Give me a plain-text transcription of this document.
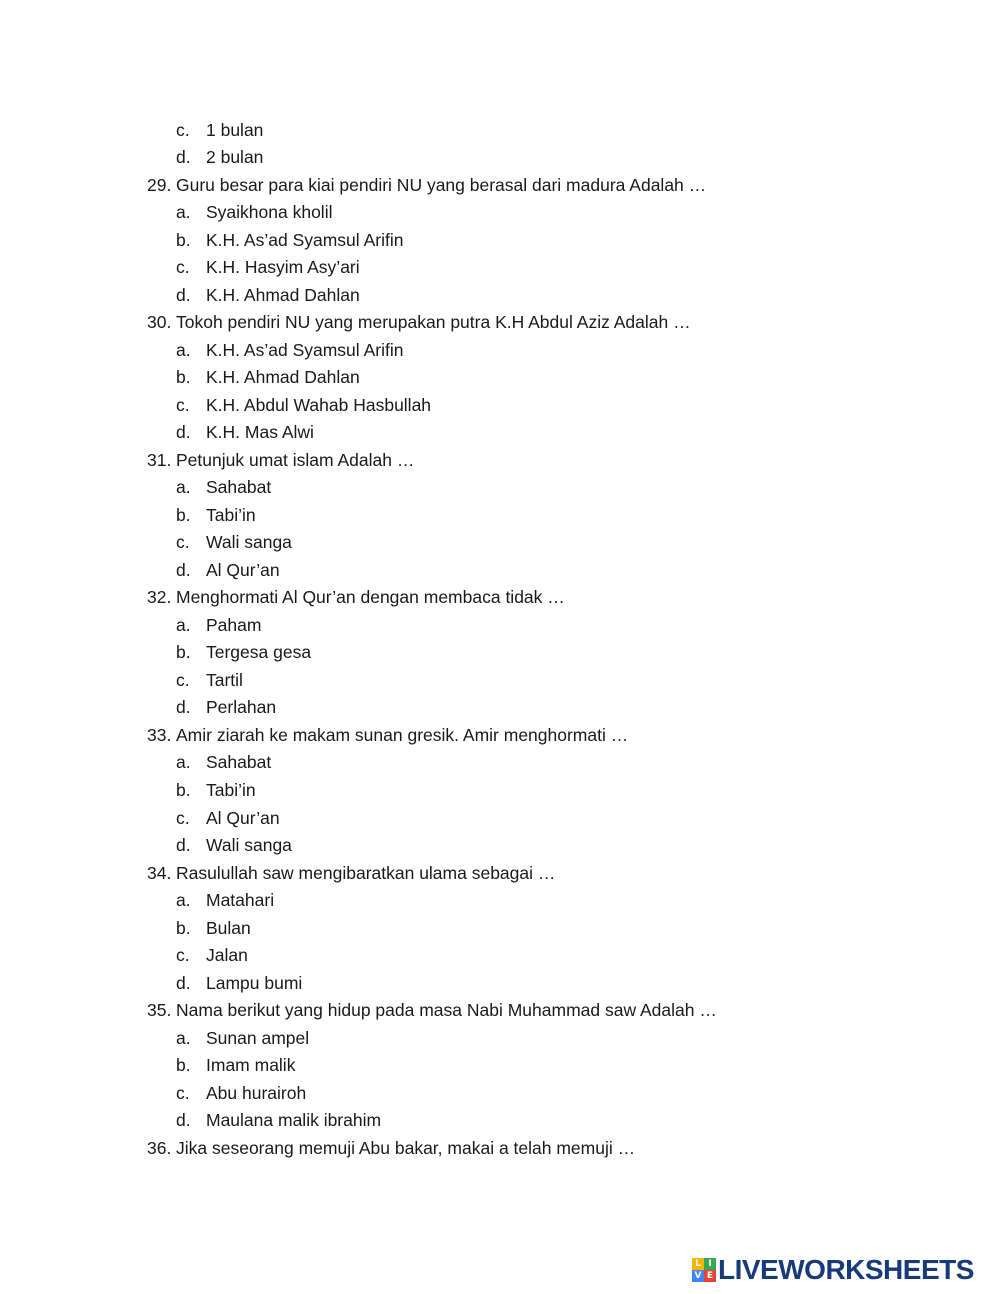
c. 1 bulan
d. 2 bulan
29. Guru besar para kiai pendiri NU yang berasal dari madura Adalah …
a. Syaikhona kholil
b. K.H. As’ad Syamsul Arifin
c. K.H. Hasyim Asy’ari
d. K.H. Ahmad Dahlan
30. Tokoh pendiri NU yang merupakan putra K.H Abdul Aziz Adalah …
a. K.H. As’ad Syamsul Arifin
b. K.H. Ahmad Dahlan
c. K.H. Abdul Wahab Hasbullah
d. K.H. Mas Alwi
31. Petunjuk umat islam Adalah …
a. Sahabat
b. Tabi’in
c. Wali sanga
d. Al Qur’an
32. Menghormati Al Qur’an dengan membaca tidak …
a. Paham
b. Tergesa gesa
c. Tartil
d. Perlahan
33. Amir ziarah ke makam sunan gresik. Amir menghormati …
a. Sahabat
b. Tabi’in
c. Al Qur’an
d. Wali sanga
34. Rasulullah saw mengibaratkan ulama sebagai …
a. Matahari
b. Bulan
c. Jalan
d. Lampu bumi
35. Nama berikut yang hidup pada masa Nabi Muhammad saw Adalah …
a. Sunan ampel
b. Imam malik
c. Abu hurairoh
d. Maulana malik ibrahim
36. Jika seseorang memuji Abu bakar, makai a telah memuji …
L I
V E LIVEWORKSHEETS
